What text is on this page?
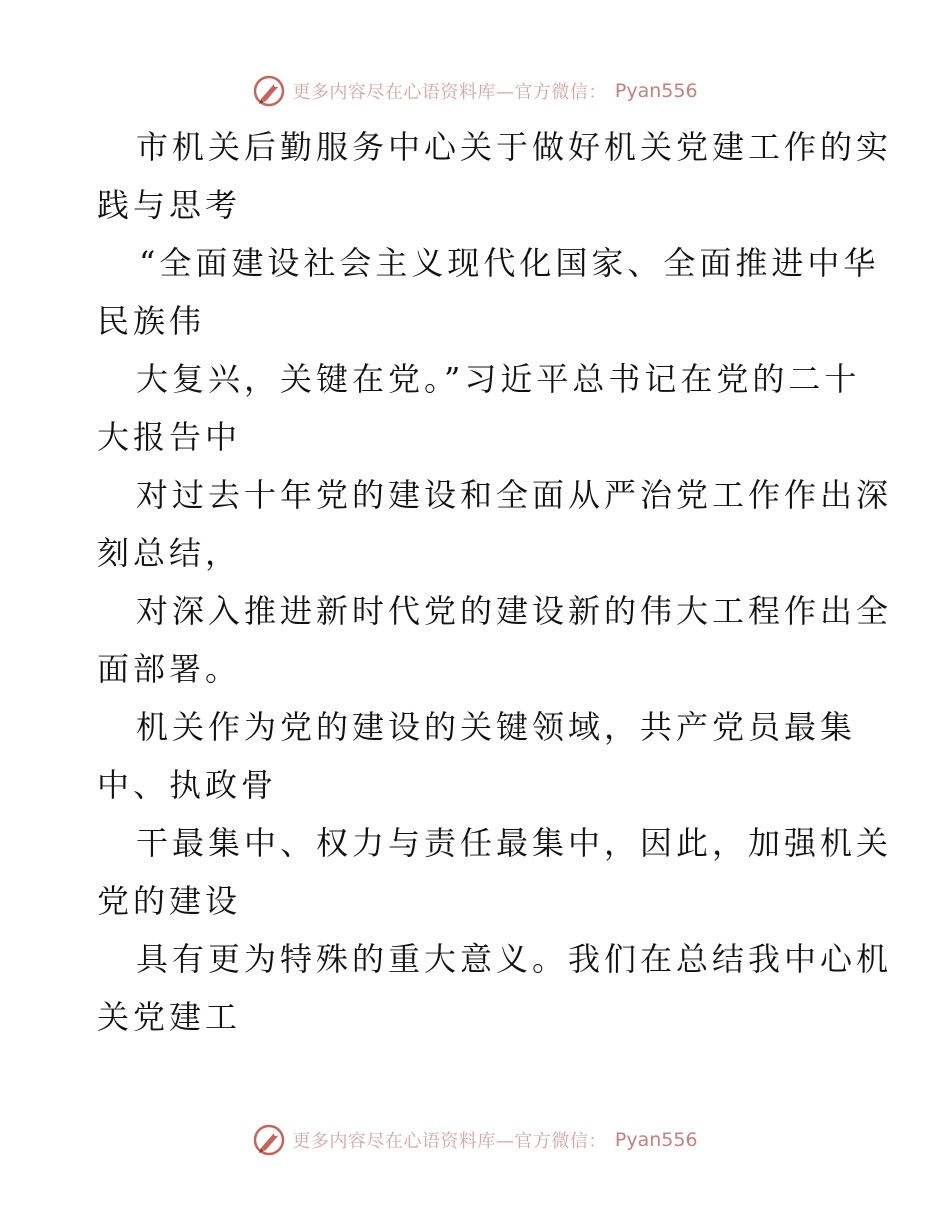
更多内容尽在心语资料库—官方微信： Pyan556

市机关后勤服务中心关于做好机关党建工作的实
践与思考

“全面建设社会主义现代化国家、全面推进中华
民族伟

大复兴，关键在党。”习近平总书记在党的二十
大报告中

对过去十年党的建设和全面从严治党工作作出深
刻总结，

对深入推进新时代党的建设新的伟大工程作出全
面部署。

机关作为党的建设的关键领域，共产党员最集
中、执政骨

干最集中、权力与责任最集中，因此，加强机关
党的建设

具有更为特殊的重大意义。我们在总结我中心机
关党建工

更多内容尽在心语资料库—官方微信： Pyan556
